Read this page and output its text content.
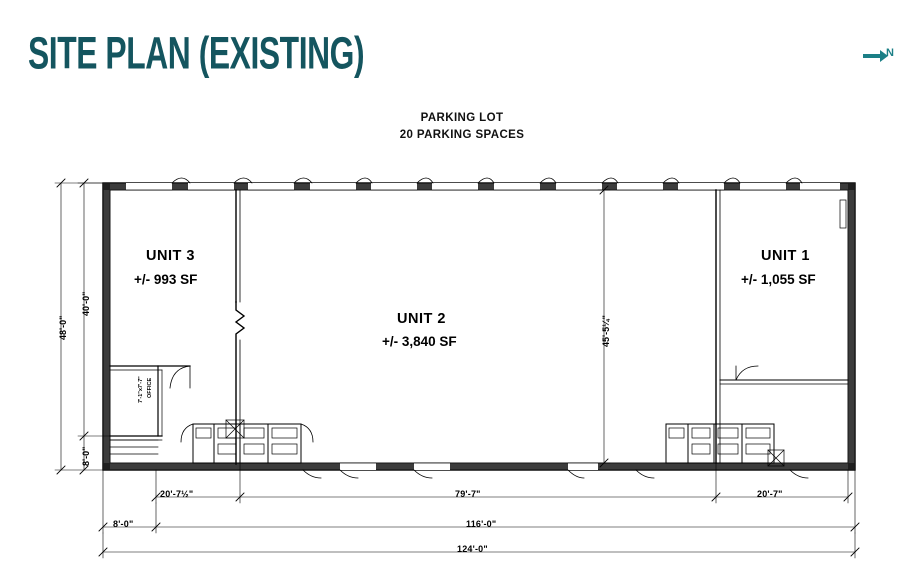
SITE PLAN (EXISTING)	N
PARKING LOT
20 PARKING SPACES
UNIT 3
+/- 993 SF
UNIT 2
+/- 3,840 SF
UNIT 1
+/- 1,055 SF
OFFICE
7'-1"x7'-7"
48'-0"
40'-0"
8'-0"
45'-5¼"
20'-7½"	79'-7"	20'-7"
8'-0"	116'-0"
124'-0"
